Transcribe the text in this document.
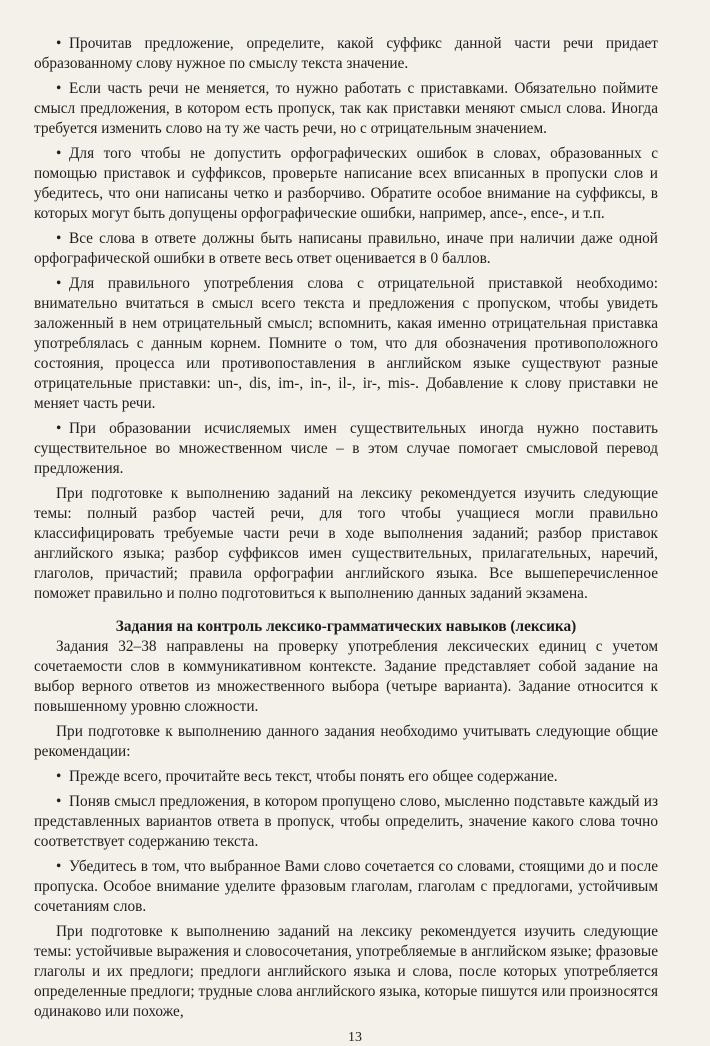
• Прочитав предложение, определите, какой суффикс данной части речи придает образованному слову нужное по смыслу текста значение.

• Если часть речи не меняется, то нужно работать с приставками. Обязательно поймите смысл предложения, в котором есть пропуск, так как приставки меняют смысл слова. Иногда требуется изменить слово на ту же часть речи, но с отрицательным значением.

• Для того чтобы не допустить орфографических ошибок в словах, образованных с помощью приставок и суффиксов, проверьте написание всех вписанных в пропуски слов и убедитесь, что они написаны четко и разборчиво. Обратите особое внимание на суффиксы, в которых могут быть допущены орфографические ошибки, например, ance-, ence-, и т.п.

• Все слова в ответе должны быть написаны правильно, иначе при наличии даже одной орфографической ошибки в ответе весь ответ оценивается в 0 баллов.

• Для правильного употребления слова с отрицательной приставкой необходимо: внимательно вчитаться в смысл всего текста и предложения с пропуском, чтобы увидеть заложенный в нем отрицательный смысл; вспомнить, какая именно отрицательная приставка употреблялась с данным корнем. Помните о том, что для обозначения противоположного состояния, процесса или противопоставления в английском языке существуют разные отрицательные приставки: un-, dis, im-, in-, il-, ir-, mis-. Добавление к слову приставки не меняет часть речи.

• При образовании исчисляемых имен существительных иногда нужно поставить существительное во множественном числе – в этом случае помогает смысловой перевод предложения.

При подготовке к выполнению заданий на лексику рекомендуется изучить следующие темы: полный разбор частей речи, для того чтобы учащиеся могли правильно классифицировать требуемые части речи в ходе выполнения заданий; разбор приставок английского языка; разбор суффиксов имен существительных, прилагательных, наречий, глаголов, причастий; правила орфографии английского языка. Все вышеперечисленное поможет правильно и полно подготовиться к выполнению данных заданий экзамена.

Задания на контроль лексико-грамматических навыков (лексика)

Задания 32–38 направлены на проверку употребления лексических единиц с учетом сочетаемости слов в коммуникативном контексте. Задание представляет собой задание на выбор верного ответов из множественного выбора (четыре варианта). Задание относится к повышенному уровню сложности.

При подготовке к выполнению данного задания необходимо учитывать следующие общие рекомендации:

• Прежде всего, прочитайте весь текст, чтобы понять его общее содержание.

• Поняв смысл предложения, в котором пропущено слово, мысленно подставьте каждый из представленных вариантов ответа в пропуск, чтобы определить, значение какого слова точно соответствует содержанию текста.

• Убедитесь в том, что выбранное Вами слово сочетается со словами, стоящими до и после пропуска. Особое внимание уделите фразовым глаголам, глаголам с предлогами, устойчивым сочетаниям слов.

При подготовке к выполнению заданий на лексику рекомендуется изучить следующие темы: устойчивые выражения и словосочетания, употребляемые в английском языке; фразовые глаголы и их предлоги; предлоги английского языка и слова, после которых употребляется определенные предлоги; трудные слова английского языка, которые пишутся или произносятся одинаково или похоже,

13
